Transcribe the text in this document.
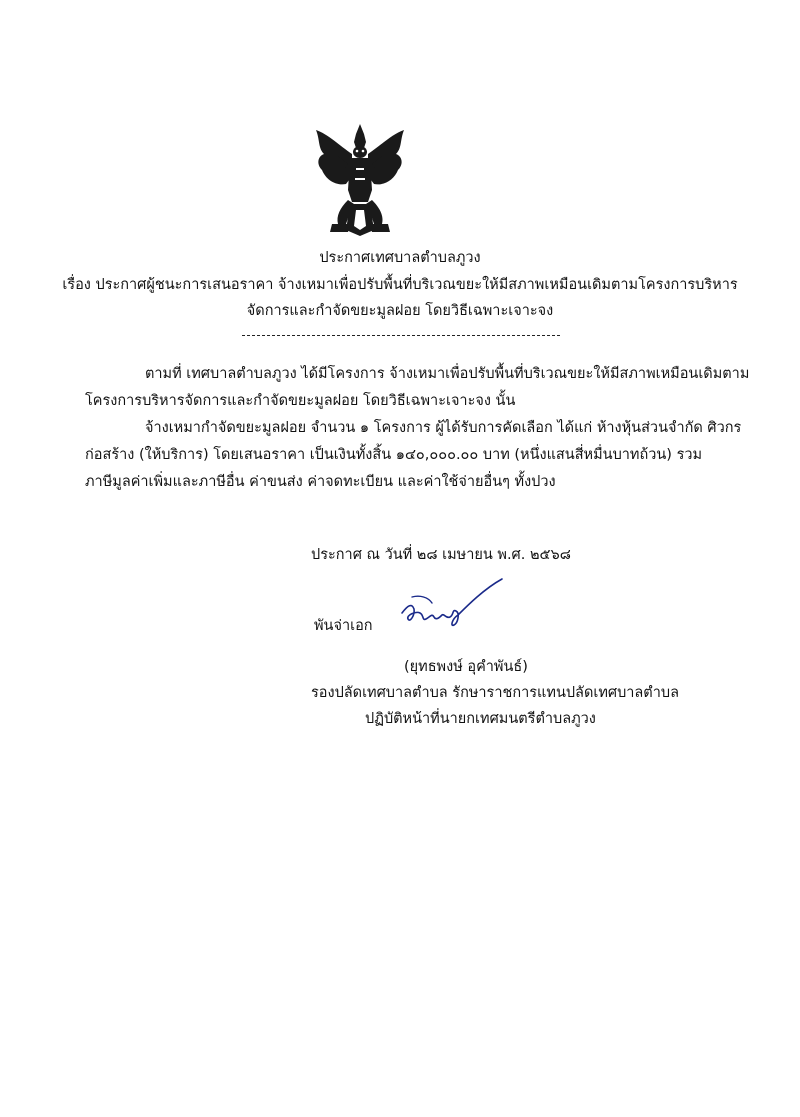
ประกาศเทศบาลตำบลภูวง
เรื่อง ประกาศผู้ชนะการเสนอราคา จ้างเหมาเพื่อปรับพื้นที่บริเวณขยะให้มีสภาพเหมือนเดิมตามโครงการบริหาร
จัดการและกำจัดขยะมูลฝอย โดยวิธีเฉพาะเจาะจง
ตามที่ เทศบาลตำบลภูวง ได้มีโครงการ จ้างเหมาเพื่อปรับพื้นที่บริเวณขยะให้มีสภาพเหมือนเดิมตาม
โครงการบริหารจัดการและกำจัดขยะมูลฝอย โดยวิธีเฉพาะเจาะจง นั้น
จ้างเหมากำจัดขยะมูลฝอย จำนวน ๑ โครงการ ผู้ได้รับการคัดเลือก ได้แก่ ห้างหุ้นส่วนจำกัด ศิวกร
ก่อสร้าง (ให้บริการ) โดยเสนอราคา เป็นเงินทั้งสิ้น ๑๔๐,๐๐๐.๐๐ บาท (หนึ่งแสนสี่หมื่นบาทถ้วน) รวม
ภาษีมูลค่าเพิ่มและภาษีอื่น ค่าขนส่ง ค่าจดทะเบียน และค่าใช้จ่ายอื่นๆ ทั้งปวง
ประกาศ ณ วันที่ ๒๘ เมษายน พ.ศ. ๒๕๖๘
พันจ่าเอก
(ยุทธพงษ์ อุคำพันธ์)
รองปลัดเทศบาลตำบล รักษาราชการแทนปลัดเทศบาลตำบล
ปฏิบัติหน้าที่นายกเทศมนตรีตำบลภูวง
